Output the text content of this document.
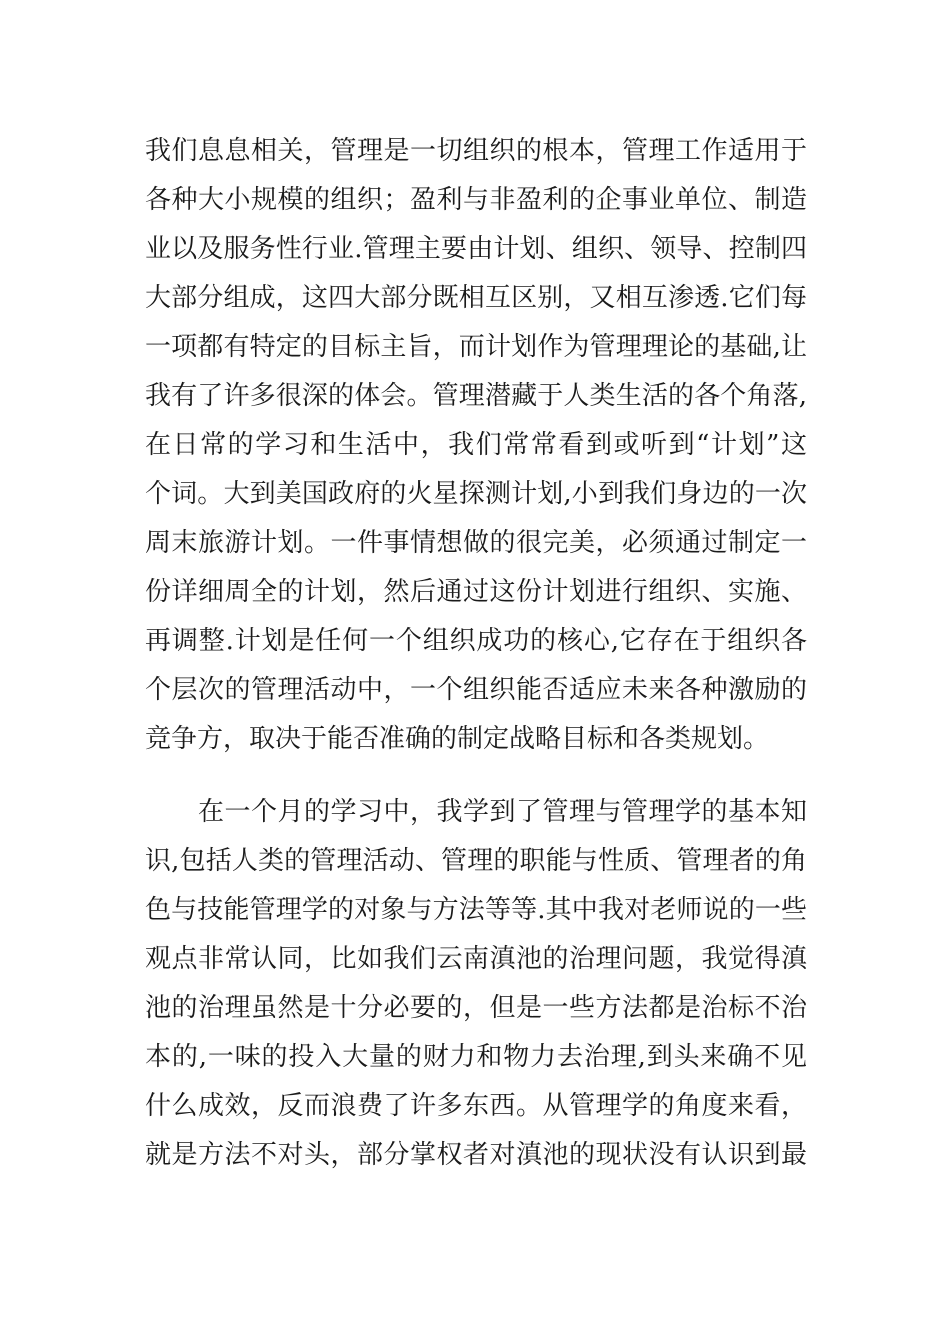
我们息息相关，管理是一切组织的根本，管理工作适用于
各种大小规模的组织；盈利与非盈利的企事业单位、制造
业以及服务性行业.管理主要由计划、组织、领导、控制四
大部分组成，这四大部分既相互区别，又相互渗透.它们每
一项都有特定的目标主旨，而计划作为管理理论的基础,让
我有了许多很深的体会。管理潜藏于人类生活的各个角落,
在日常的学习和生活中，我们常常看到或听到“计划”这
个词。大到美国政府的火星探测计划,小到我们身边的一次
周末旅游计划。一件事情想做的很完美，必须通过制定一
份详细周全的计划，然后通过这份计划进行组织、实施、
再调整.计划是任何一个组织成功的核心,它存在于组织各
个层次的管理活动中，一个组织能否适应未来各种激励的
竞争方，取决于能否准确的制定战略目标和各类规划。
在一个月的学习中，我学到了管理与管理学的基本知
识,包括人类的管理活动、管理的职能与性质、管理者的角
色与技能管理学的对象与方法等等.其中我对老师说的一些
观点非常认同，比如我们云南滇池的治理问题，我觉得滇
池的治理虽然是十分必要的，但是一些方法都是治标不治
本的,一味的投入大量的财力和物力去治理,到头来确不见
什么成效，反而浪费了许多东西。从管理学的角度来看，
就是方法不对头，部分掌权者对滇池的现状没有认识到最
